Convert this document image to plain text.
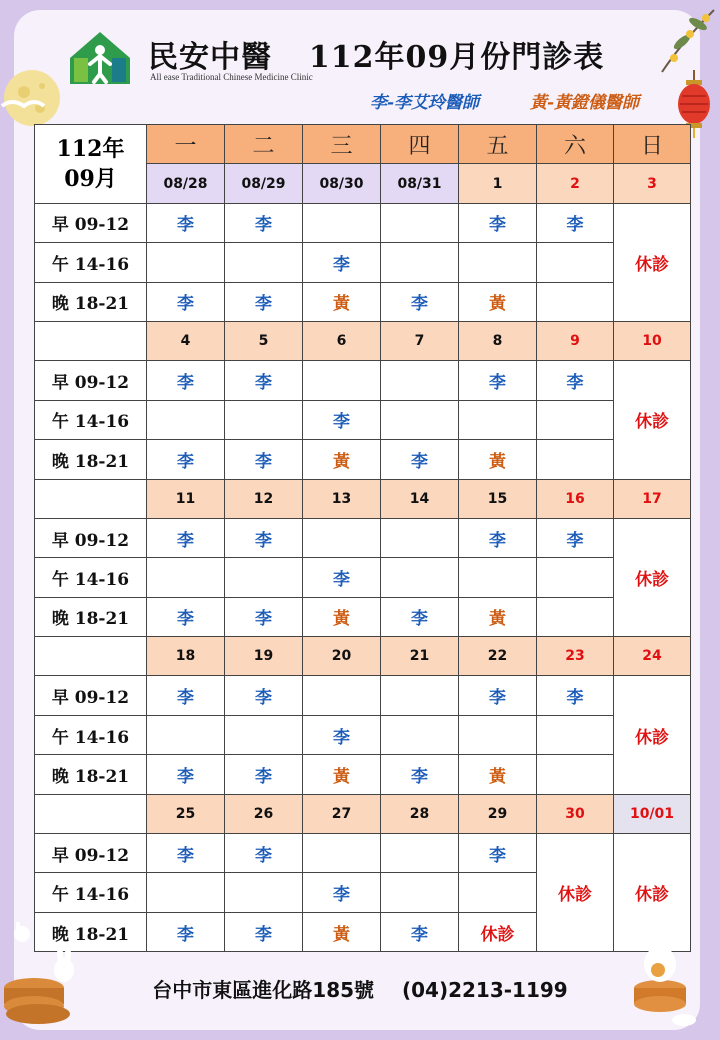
民安中醫 112年09月份門診表
All ease Traditional Chinese Medicine Clinic
李-李艾玲醫師	黃-黃鐙儀醫師
112年
09月	一	二	三	四	五	六	日
	08/28	08/29	08/30	08/31	1	2	3
早 09-12	李	李			李	李	休診
午 14-16			李				
晚 18-21	李	李	黃	李	黃		
	4	5	6	7	8	9	10
早 09-12	李	李			李	李	休診
午 14-16			李				
晚 18-21	李	李	黃	李	黃		
	11	12	13	14	15	16	17
早 09-12	李	李			李	李	休診
午 14-16			李				
晚 18-21	李	李	黃	李	黃		
	18	19	20	21	22	23	24
早 09-12	李	李			李	李	休診
午 14-16			李				
晚 18-21	李	李	黃	李	黃		
	25	26	27	28	29	30	10/01
早 09-12	李	李			李	休診	休診
午 14-16			李				
晚 18-21	李	李	黃	李	休診		
台中市東區進化路185號 (04)2213-1199
